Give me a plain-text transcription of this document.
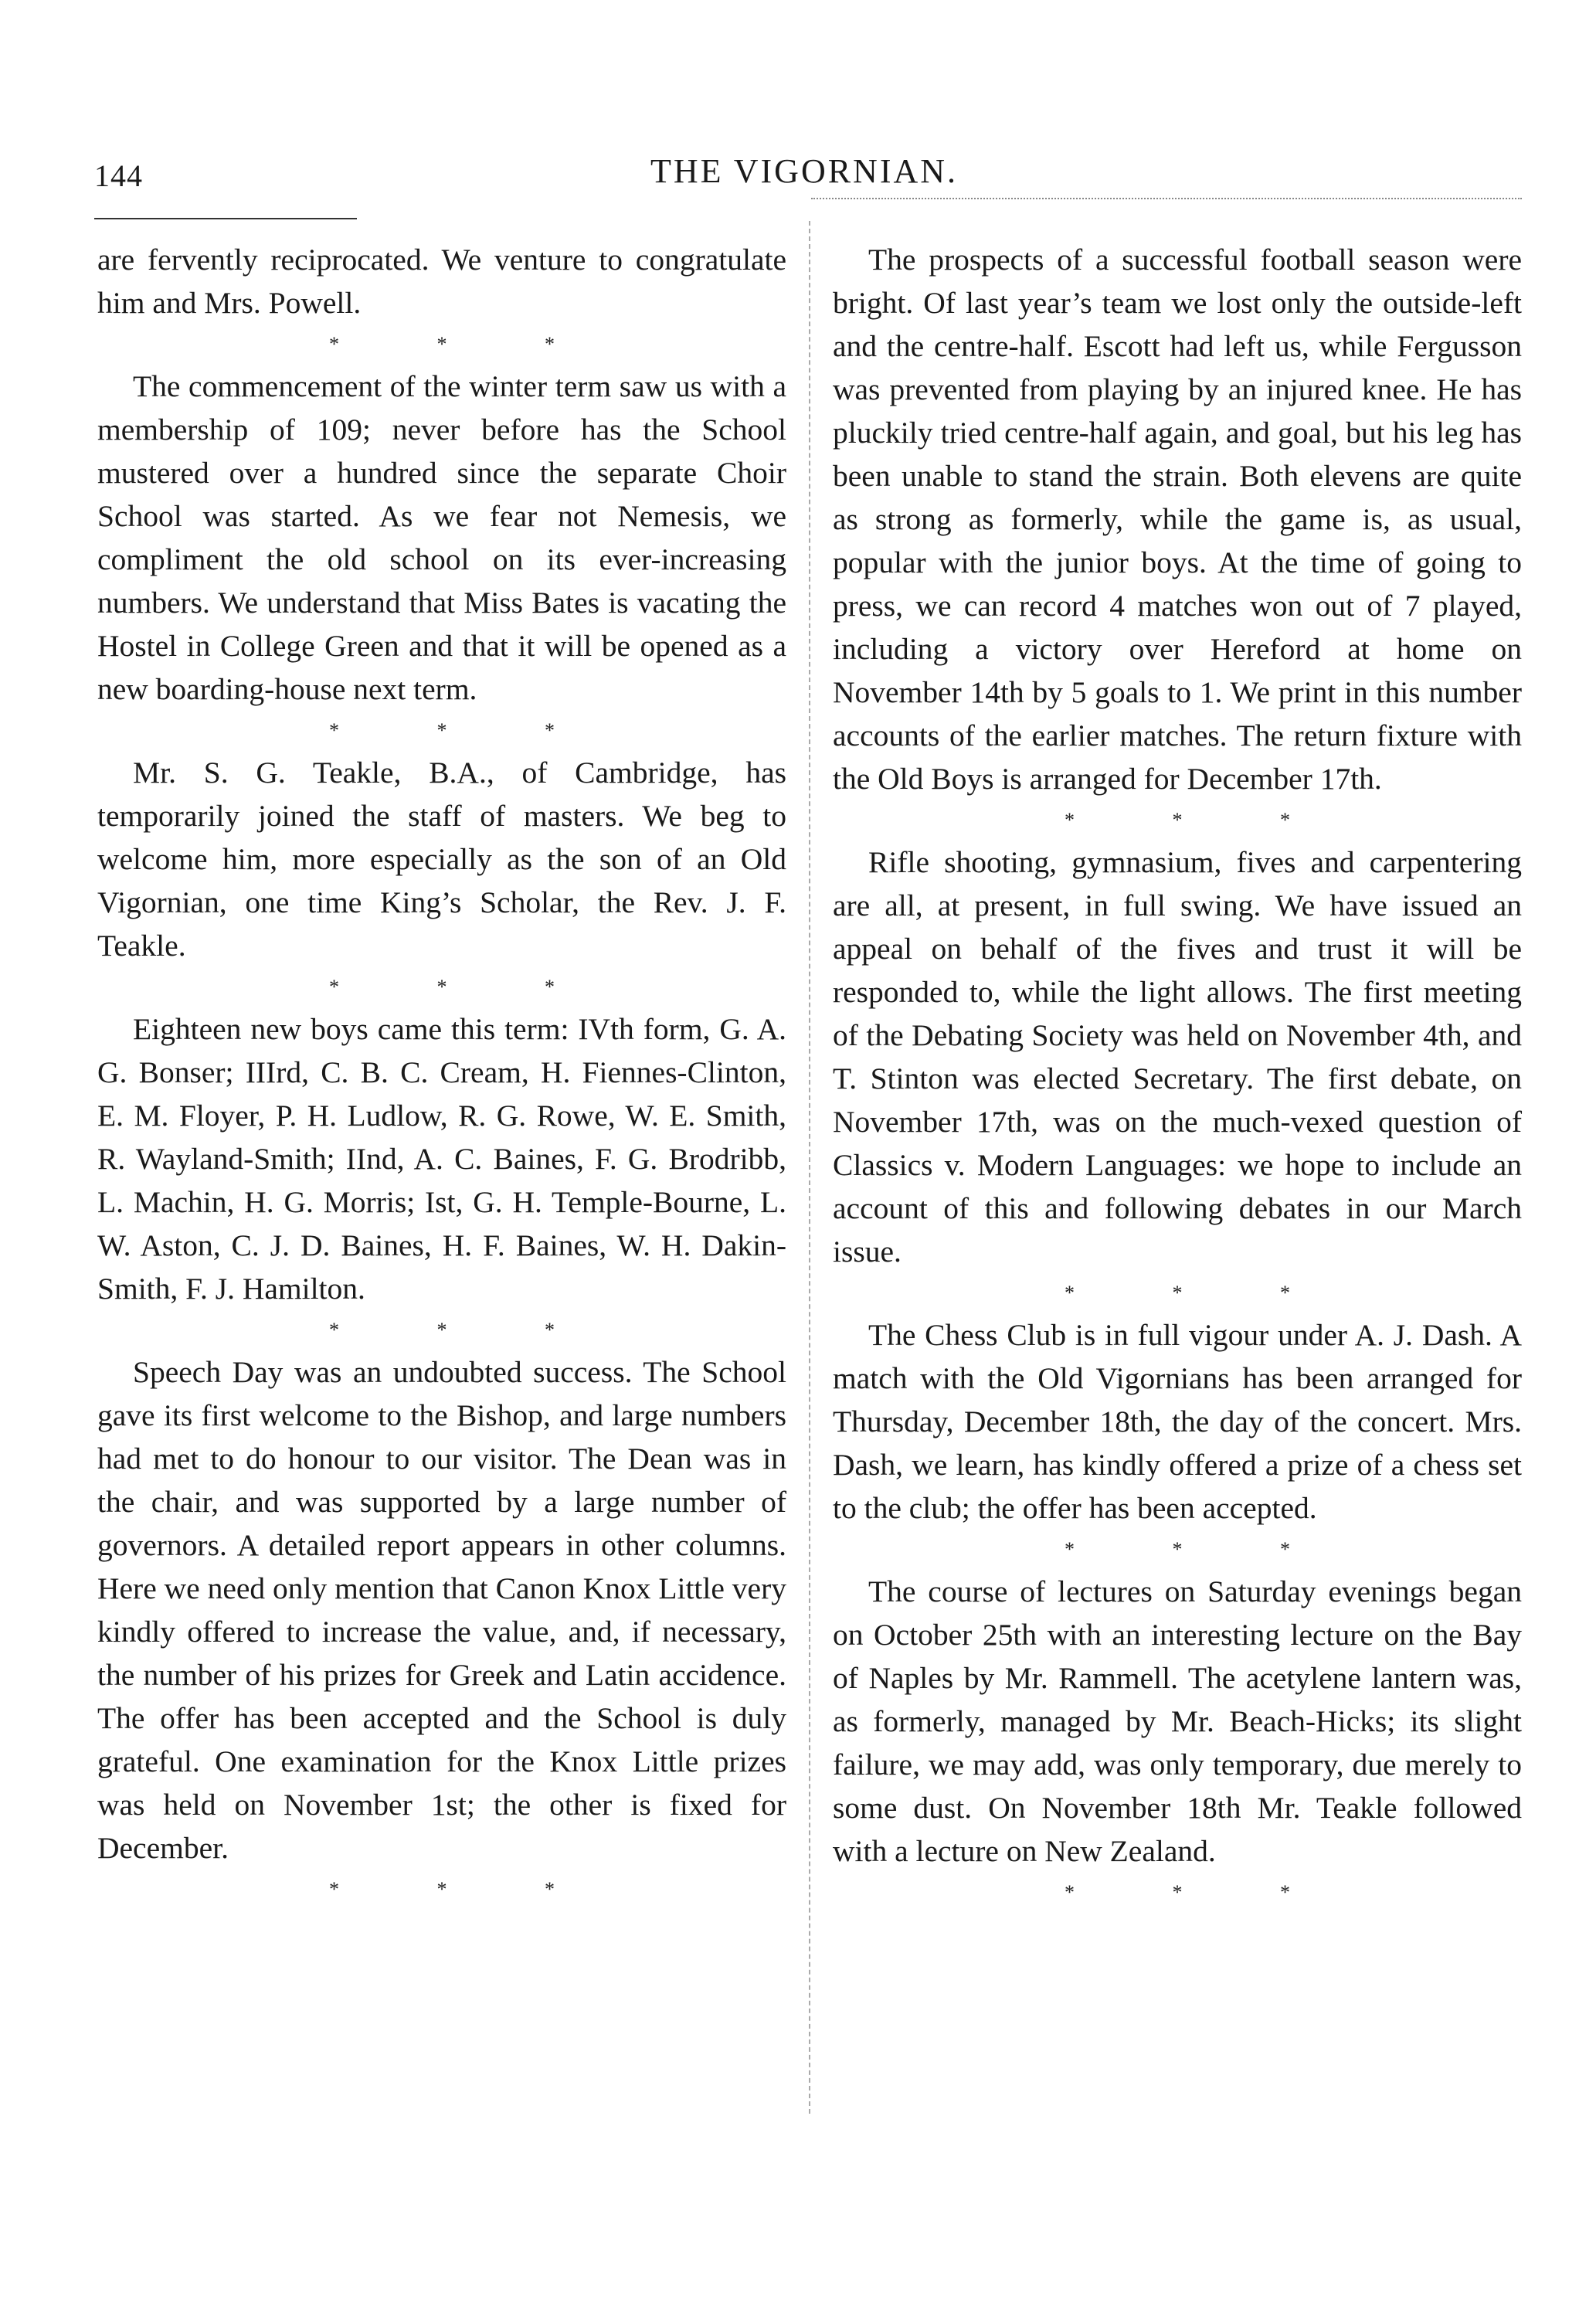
144	THE VIGORNIAN.

are fervently reciprocated. We venture to congratulate him and Mrs. Powell.

* * *

The commencement of the winter term saw us with a membership of 109; never before has the School mustered over a hundred since the separate Choir School was started. As we fear not Nemesis, we compliment the old school on its ever-increasing numbers. We understand that Miss Bates is vacating the Hostel in College Green and that it will be opened as a new boarding-house next term.

* * *

Mr. S. G. Teakle, B.A., of Cambridge, has temporarily joined the staff of masters. We beg to welcome him, more especially as the son of an Old Vigornian, one time King’s Scholar, the Rev. J. F. Teakle.

* * *

Eighteen new boys came this term: IVth form, G. A. G. Bonser; IIIrd, C. B. C. Cream, H. Fiennes-Clinton, E. M. Floyer, P. H. Ludlow, R. G. Rowe, W. E. Smith, R. Wayland-Smith; IInd, A. C. Baines, F. G. Brodribb, L. Machin, H. G. Morris; Ist, G. H. Temple-Bourne, L. W. Aston, C. J. D. Baines, H. F. Baines, W. H. Dakin-Smith, F. J. Hamilton.

* * *

Speech Day was an undoubted success. The School gave its first welcome to the Bishop, and large numbers had met to do honour to our visitor. The Dean was in the chair, and was supported by a large number of governors. A detailed report appears in other columns. Here we need only mention that Canon Knox Little very kindly offered to increase the value, and, if necessary, the number of his prizes for Greek and Latin accidence. The offer has been accepted and the School is duly grateful. One examination for the Knox Little prizes was held on November 1st; the other is fixed for December.

* * *

The prospects of a successful football season were bright. Of last year’s team we lost only the outside-left and the centre-half. Escott had left us, while Fergusson was prevented from playing by an injured knee. He has pluckily tried centre-half again, and goal, but his leg has been unable to stand the strain. Both elevens are quite as strong as formerly, while the game is, as usual, popular with the junior boys. At the time of going to press, we can record 4 matches won out of 7 played, including a victory over Hereford at home on November 14th by 5 goals to 1. We print in this number accounts of the earlier matches. The return fixture with the Old Boys is arranged for December 17th.

* * *

Rifle shooting, gymnasium, fives and carpentering are all, at present, in full swing. We have issued an appeal on behalf of the fives and trust it will be responded to, while the light allows. The first meeting of the Debating Society was held on November 4th, and T. Stinton was elected Secretary. The first debate, on November 17th, was on the much-vexed question of Classics v. Modern Languages: we hope to include an account of this and following debates in our March issue.

* * *

The Chess Club is in full vigour under A. J. Dash. A match with the Old Vigornians has been arranged for Thursday, December 18th, the day of the concert. Mrs. Dash, we learn, has kindly offered a prize of a chess set to the club; the offer has been accepted.

* * *

The course of lectures on Saturday evenings began on October 25th with an interesting lecture on the Bay of Naples by Mr. Rammell. The acetylene lantern was, as formerly, managed by Mr. Beach-Hicks; its slight failure, we may add, was only temporary, due merely to some dust. On November 18th Mr. Teakle followed with a lecture on New Zealand.

* * *
